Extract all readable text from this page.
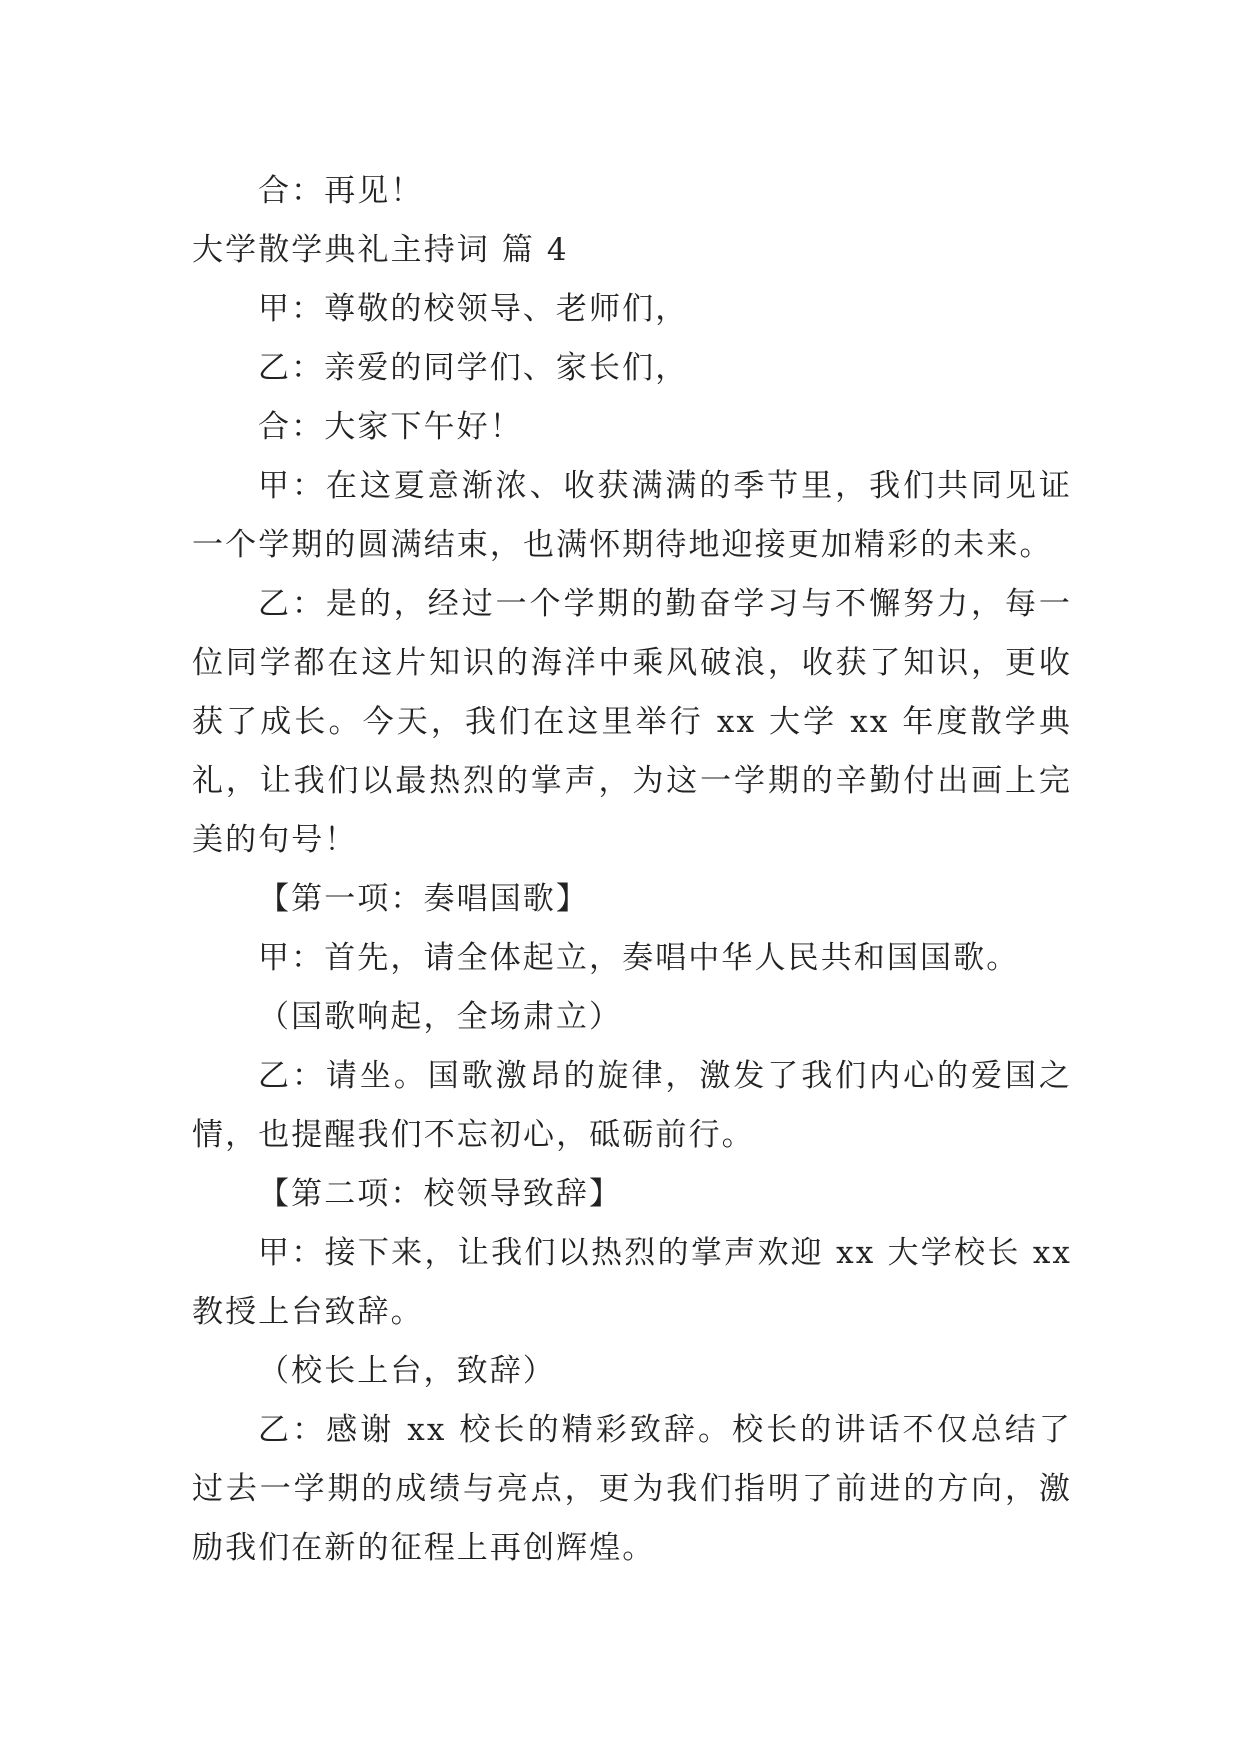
合：再见！

大学散学典礼主持词 篇 4

甲：尊敬的校领导、老师们，

乙：亲爱的同学们、家长们，

合：大家下午好！

甲：在这夏意渐浓、收获满满的季节里，我们共同见证一个学期的圆满结束，也满怀期待地迎接更加精彩的未来。

乙：是的，经过一个学期的勤奋学习与不懈努力，每一位同学都在这片知识的海洋中乘风破浪，收获了知识，更收获了成长。今天，我们在这里举行 xx 大学 xx 年度散学典礼，让我们以最热烈的掌声，为这一学期的辛勤付出画上完美的句号！

【第一项：奏唱国歌】

甲：首先，请全体起立，奏唱中华人民共和国国歌。

（国歌响起，全场肃立）

乙：请坐。国歌激昂的旋律，激发了我们内心的爱国之情，也提醒我们不忘初心，砥砺前行。

【第二项：校领导致辞】

甲：接下来，让我们以热烈的掌声欢迎 xx 大学校长 xx 教授上台致辞。

（校长上台，致辞）

乙：感谢 xx 校长的精彩致辞。校长的讲话不仅总结了过去一学期的成绩与亮点，更为我们指明了前进的方向，激励我们在新的征程上再创辉煌。
